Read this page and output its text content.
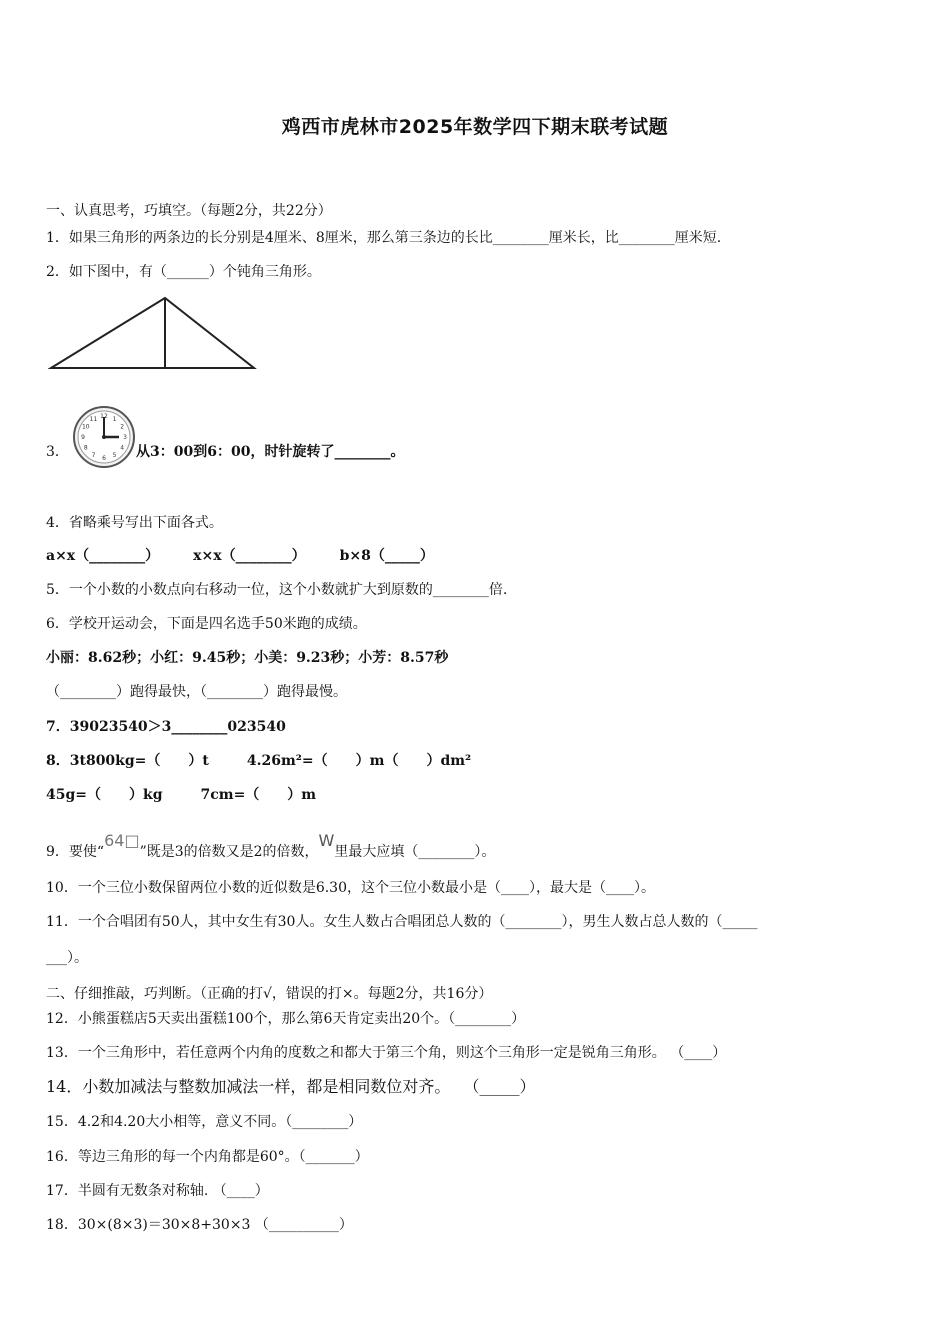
鸡西市虎林市2025年数学四下期末联考试题
一、认真思考，巧填空。（每题2分，共22分）
1．如果三角形的两条边的长分别是4厘米、8厘米，那么第三条边的长比________厘米长，比________厘米短.
2．如下图中，有（______）个钝角三角形。
3．
12 1
2
3
4
5
6
7
8
9
10
11
从3：00到6：00，时针旋转了________。
4．省略乘号写出下面各式。
a×x（________） x×x（________） b×8（_____）
5．一个小数的小数点向右移动一位，这个小数就扩大到原数的________倍.
6．学校开运动会，下面是四名选手50米跑的成绩。
小丽：8.62秒；小红：9.45秒；小美：9.23秒；小芳：8.57秒
（________）跑得最快，（________）跑得最慢。
7．39023540＞3________023540
8．3t800kg=（　　）t	4.26m²=（　　）m（　　）dm²
45g=（　　）kg	7cm=（　　）m
9．要使“64□”既是3的倍数又是2的倍数，W里最大应填（________）。
10．一个三位小数保留两位小数的近似数是6.30，这个三位小数最小是（____），最大是（____）。
11．一个合唱团有50人，其中女生有30人。女生人数占合唱团总人数的（________），男生人数占总人数的（_____
___）。
二、仔细推敲，巧判断。（正确的打√，错误的打×。每题2分，共16分）
12．小熊蛋糕店5天卖出蛋糕100个，那么第6天肯定卖出20个。（________）
13．一个三角形中，若任意两个内角的度数之和都大于第三个角，则这个三角形一定是锐角三角形。 （____）
14．小数加减法与整数加减法一样，都是相同数位对齐。　 （_____）
15．4.2和4.20大小相等，意义不同。（________）
16．等边三角形的每一个内角都是60°。（_______）
17．半圆有无数条对称轴. （____）
18．30×(8×3)＝30×8+30×3 （__________）
